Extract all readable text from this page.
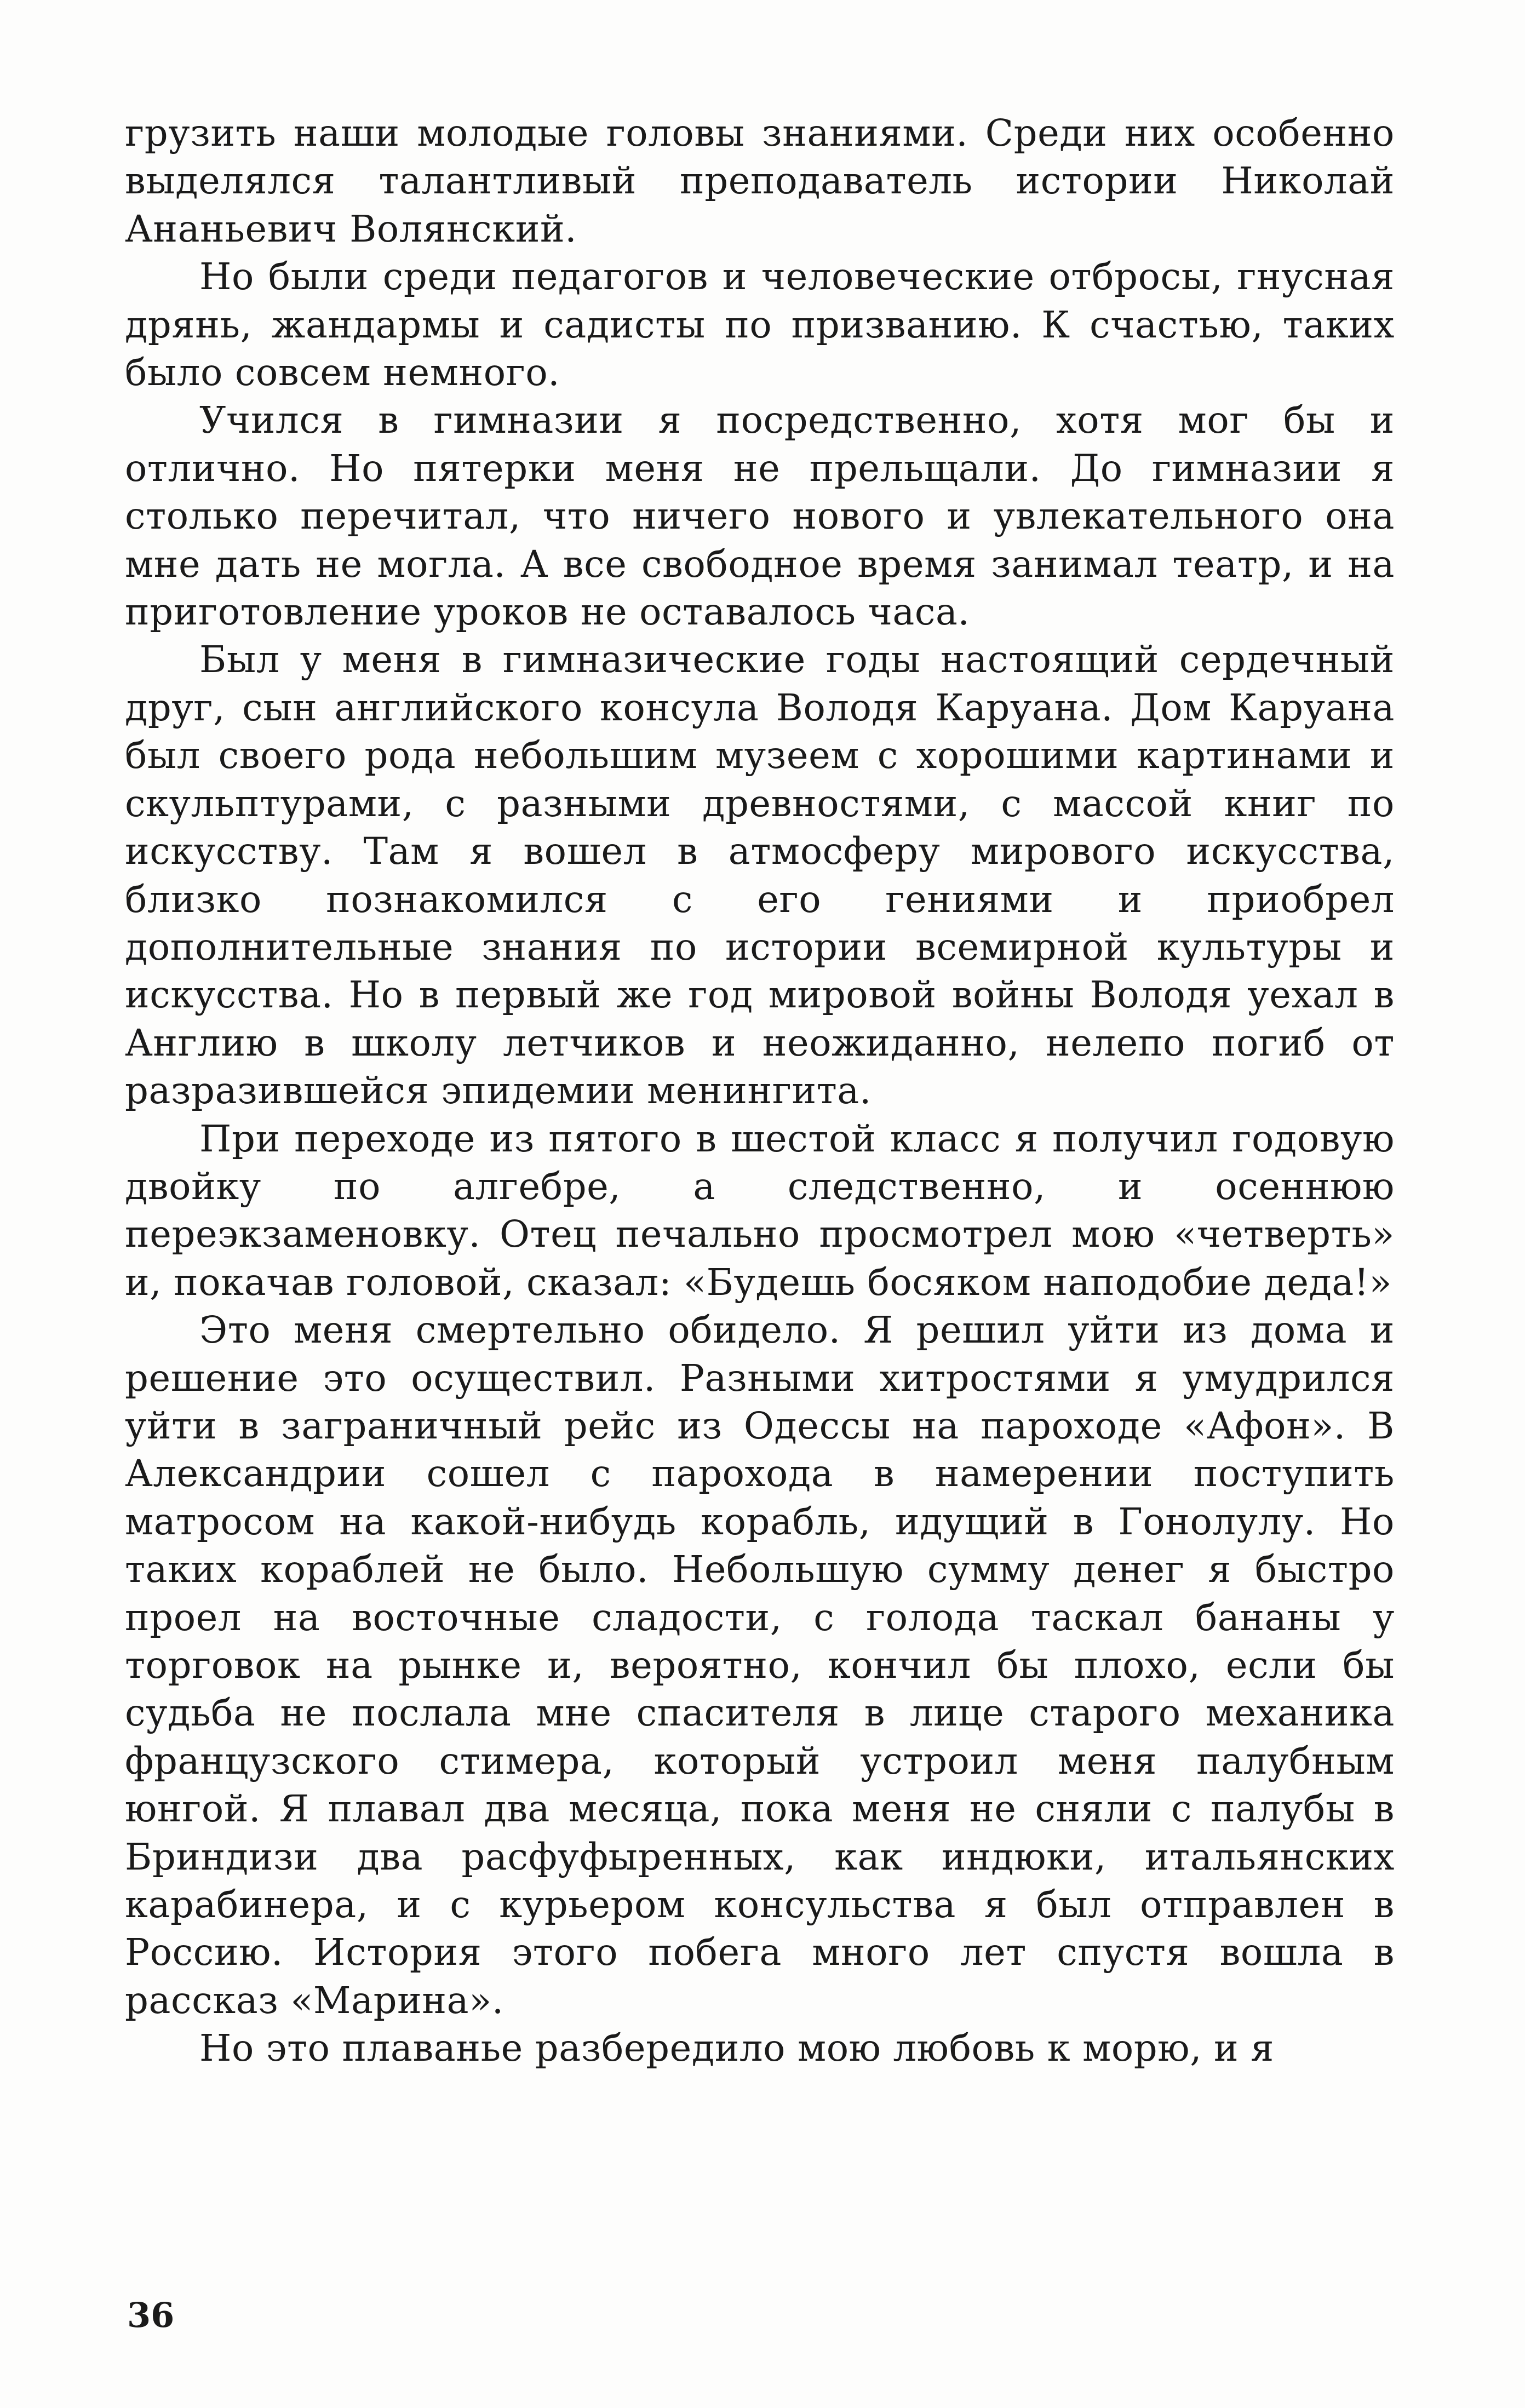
грузить наши молодые головы знаниями. Среди них особенно выделялся талантливый преподаватель истории Николай Ананьевич Волянский.

Но были среди педагогов и человеческие отбросы, гнусная дрянь, жандармы и садисты по призванию. К счастью, таких было совсем немного.

Учился в гимназии я посредственно, хотя мог бы и отлично. Но пятерки меня не прельщали. До гимназии я столько перечитал, что ничего нового и увлекательного она мне дать не могла. А все свободное время занимал театр, и на приготовление уроков не оставалось часа.

Был у меня в гимназические годы настоящий сердечный друг, сын английского консула Володя Каруана. Дом Каруана был своего рода небольшим музеем с хорошими картинами и скульптурами, с разными древностями, с массой книг по искусству. Там я вошел в атмосферу мирового искусства, близко познакомился с его гениями и приобрел дополнительные знания по истории всемирной культуры и искусства. Но в первый же год мировой войны Володя уехал в Англию в школу летчиков и неожиданно, нелепо погиб от разразившейся эпидемии менингита.

При переходе из пятого в шестой класс я получил годовую двойку по алгебре, а следственно, и осеннюю переэкзаменовку. Отец печально просмотрел мою «четверть» и, покачав головой, сказал: «Будешь босяком наподобие деда!»

Это меня смертельно обидело. Я решил уйти из дома и решение это осуществил. Разными хитростями я умудрился уйти в заграничный рейс из Одессы на пароходе «Афон». В Александрии сошел с парохода в намерении поступить матросом на какой-нибудь корабль, идущий в Гонолулу. Но таких кораблей не было. Небольшую сумму денег я быстро проел на восточные сладости, с голода таскал бананы у торговок на рынке и, вероятно, кончил бы плохо, если бы судьба не послала мне спасителя в лице старого механика французского стимера, который устроил меня палубным юнгой. Я плавал два месяца, пока меня не сняли с палубы в Бриндизи два расфуфыренных, как индюки, итальянских карабинера, и с курьером консульства я был отправлен в Россию. История этого побега много лет спустя вошла в рассказ «Марина».

Но это плаванье разбередило мою любовь к морю, и я

36
